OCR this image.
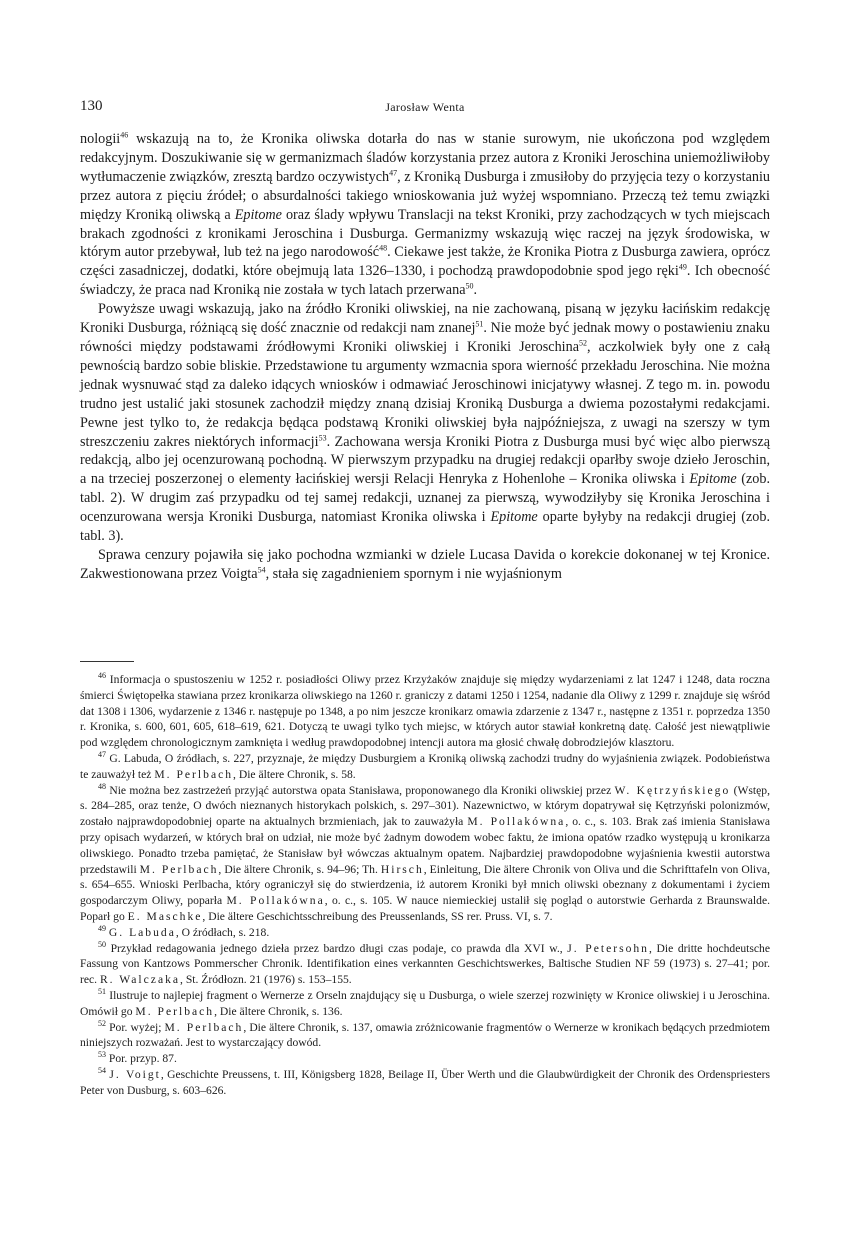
130	Jarosław Wenta

nologii$^{46}$ wskazują na to, że Kronika oliwska dotarła do nas w stanie surowym, nie ukończona pod względem redakcyjnym. Doszukiwanie się w germanizmach śladów korzystania przez autora z Kroniki Jeroschina uniemożliwiłoby wytłumaczenie związków, zresztą bardzo oczywistych$^{47}$, z Kroniką Dusburga i zmusiłoby do przyjęcia tezy o korzystaniu przez autora z pięciu źródeł; o absurdalności takiego wnioskowania już wyżej wspomniano. Przeczą też temu związki między Kroniką oliwską a Epitome oraz ślady wpływu Translacji na tekst Kroniki, przy zachodzących w tych miejscach brakach zgodności z kronikami Jeroschina i Dusburga. Germanizmy wskazują więc raczej na język środowiska, w którym autor przebywał, lub też na jego narodowość$^{48}$. Ciekawe jest także, że Kronika Piotra z Dusburga zawiera, oprócz części zasadniczej, dodatki, które obejmują lata 1326–1330, i pochodzą prawdopodobnie spod jego ręki$^{49}$. Ich obecność świadczy, że praca nad Kroniką nie została w tych latach przerwana$^{50}$.

Powyższe uwagi wskazują, jako na źródło Kroniki oliwskiej, na nie zachowaną, pisaną w języku łacińskim redakcję Kroniki Dusburga, różniącą się dość znacznie od redakcji nam znanej$^{51}$. Nie może być jednak mowy o postawieniu znaku równości między podstawami źródłowymi Kroniki oliwskiej i Kroniki Jeroschina$^{52}$, aczkolwiek były one z całą pewnością bardzo sobie bliskie. Przedstawione tu argumenty wzmacnia spora wierność przekładu Jeroschina. Nie można jednak wysnuwać stąd za daleko idących wniosków i odmawiać Jeroschinowi inicjatywy własnej. Z tego m. in. powodu trudno jest ustalić jaki stosunek zachodził między znaną dzisiaj Kroniką Dusburga a dwiema pozostałymi redakcjami. Pewne jest tylko to, że redakcja będąca podstawą Kroniki oliwskiej była najpóźniejsza, z uwagi na szerszy w tym streszczeniu zakres niektórych informacji$^{53}$. Zachowana wersja Kroniki Piotra z Dusburga musi być więc albo pierwszą redakcją, albo jej ocenzurowaną pochodną. W pierwszym przypadku na drugiej redakcji oparłby swoje dzieło Jeroschin, a na trzeciej poszerzonej o elementy łacińskiej wersji Relacji Henryka z Hohenlohe – Kronika oliwska i Epitome (zob. tabl. 2). W drugim zaś przypadku od tej samej redakcji, uznanej za pierwszą, wywodziłyby się Kronika Jeroschina i ocenzurowana wersja Kroniki Dusburga, natomiast Kronika oliwska i Epitome oparte byłyby na redakcji drugiej (zob. tabl. 3).

Sprawa cenzury pojawiła się jako pochodna wzmianki w dziele Lucasa Davida o korekcie dokonanej w tej Kronice. Zakwestionowana przez Voigta$^{54}$, stała się zagadnieniem spornym i nie wyjaśnionym

$^{46}$ Informacja o spustoszeniu w 1252 r. posiadłości Oliwy przez Krzyżaków znajduje się między wydarzeniami z lat 1247 i 1248, data roczna śmierci Świętopełka stawiana przez kronikarza oliwskiego na 1260 r. graniczy z datami 1250 i 1254, nadanie dla Oliwy z 1299 r. znajduje się wśród dat 1308 i 1306, wydarzenie z 1346 r. następuje po 1348, a po nim jeszcze kronikarz omawia zdarzenie z 1347 r., następne z 1351 r. poprzedza 1350 r. Kronika, s. 600, 601, 605, 618–619, 621. Dotyczą te uwagi tylko tych miejsc, w których autor stawiał konkretną datę. Całość jest niewątpliwie pod względem chronologicznym zamknięta i według prawdopodobnej intencji autora ma głosić chwałę dobrodziejów klasztoru.

$^{47}$ G. Labuda, O źródłach, s. 227, przyznaje, że między Dusburgiem a Kroniką oliwską zachodzi trudny do wyjaśnienia związek. Podobieństwa te zauważył też M. Perlbach, Die ältere Chronik, s. 58.

$^{48}$ Nie można bez zastrzeżeń przyjąć autorstwa opata Stanisława, proponowanego dla Kroniki oliwskiej przez W. Kętrzyńskiego (Wstęp, s. 284–285, oraz tenże, O dwóch nieznanych historykach polskich, s. 297–301). Nazewnictwo, w którym dopatrywał się Kętrzyński polonizmów, zostało najprawdopodobniej oparte na aktualnych brzmieniach, jak to zauważyła M. Pollakówna, o. c., s. 103. Brak zaś imienia Stanisława przy opisach wydarzeń, w których brał on udział, nie może być żadnym dowodem wobec faktu, że imiona opatów rzadko występują u kronikarza oliwskiego. Ponadto trzeba pamiętać, że Stanisław był wówczas aktualnym opatem. Najbardziej prawdopodobne wyjaśnienia kwestii autorstwa przedstawili M. Perlbach, Die ältere Chronik, s. 94–96; Th. Hirsch, Einleitung, Die ältere Chronik von Oliva und die Schrifttafeln von Oliva, s. 654–655. Wnioski Perlbacha, który ograniczył się do stwierdzenia, iż autorem Kroniki był mnich oliwski obeznany z dokumentami i życiem gospodarczym Oliwy, poparła M. Pollakówna, o. c., s. 105. W nauce niemieckiej ustalił się pogląd o autorstwie Gerharda z Braunswalde. Poparł go E. Maschke, Die ältere Geschichtsschreibung des Preussenlands, SS rer. Pruss. VI, s. 7.

$^{49}$ G. Labuda, O źródłach, s. 218.

$^{50}$ Przykład redagowania jednego dzieła przez bardzo długi czas podaje, co prawda dla XVI w., J. Petersohn, Die dritte hochdeutsche Fassung von Kantzows Pommerscher Chronik. Identifikation eines verkannten Geschichtswerkes, Baltische Studien NF 59 (1973) s. 27–41; por. rec. R. Walczaka, St. Źródłozn. 21 (1976) s. 153–155.

$^{51}$ Ilustruje to najlepiej fragment o Wernerze z Orseln znajdujący się u Dusburga, o wiele szerzej rozwinięty w Kronice oliwskiej i u Jeroschina. Omówił go M. Perlbach, Die ältere Chronik, s. 136.

$^{52}$ Por. wyżej; M. Perlbach, Die ältere Chronik, s. 137, omawia zróżnicowanie fragmentów o Wernerze w kronikach będących przedmiotem niniejszych rozważań. Jest to wystarczający dowód.

$^{53}$ Por. przyp. 87.

$^{54}$ J. Voigt, Geschichte Preussens, t. III, Königsberg 1828, Beilage II, Über Werth und die Glaubwürdigkeit der Chronik des Ordenspriesters Peter von Dusburg, s. 603–626.
